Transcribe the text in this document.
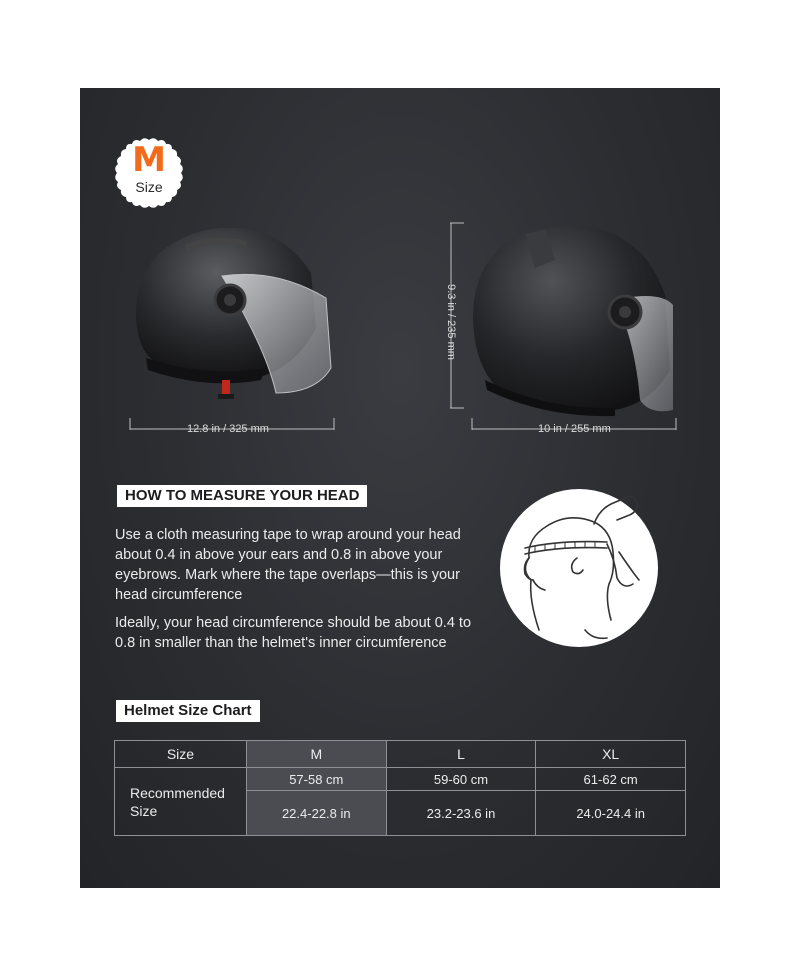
M
Size
12.8 in / 325 mm
9.3 in / 235 mm
10 in / 255 mm
HOW TO MEASURE YOUR HEAD

Use a cloth measuring tape to wrap around your head about 0.4 in above your ears and 0.8 in above your eyebrows. Mark where the tape overlaps—this is your head circumference

Ideally, your head circumference should be about 0.4 to 0.8 in smaller than the helmet's inner circumference

Helmet Size Chart
Size	M	L	XL
Recommended Size	57-58 cm	59-60 cm	61-62 cm
	22.4-22.8 in	23.2-23.6 in	24.0-24.4 in
